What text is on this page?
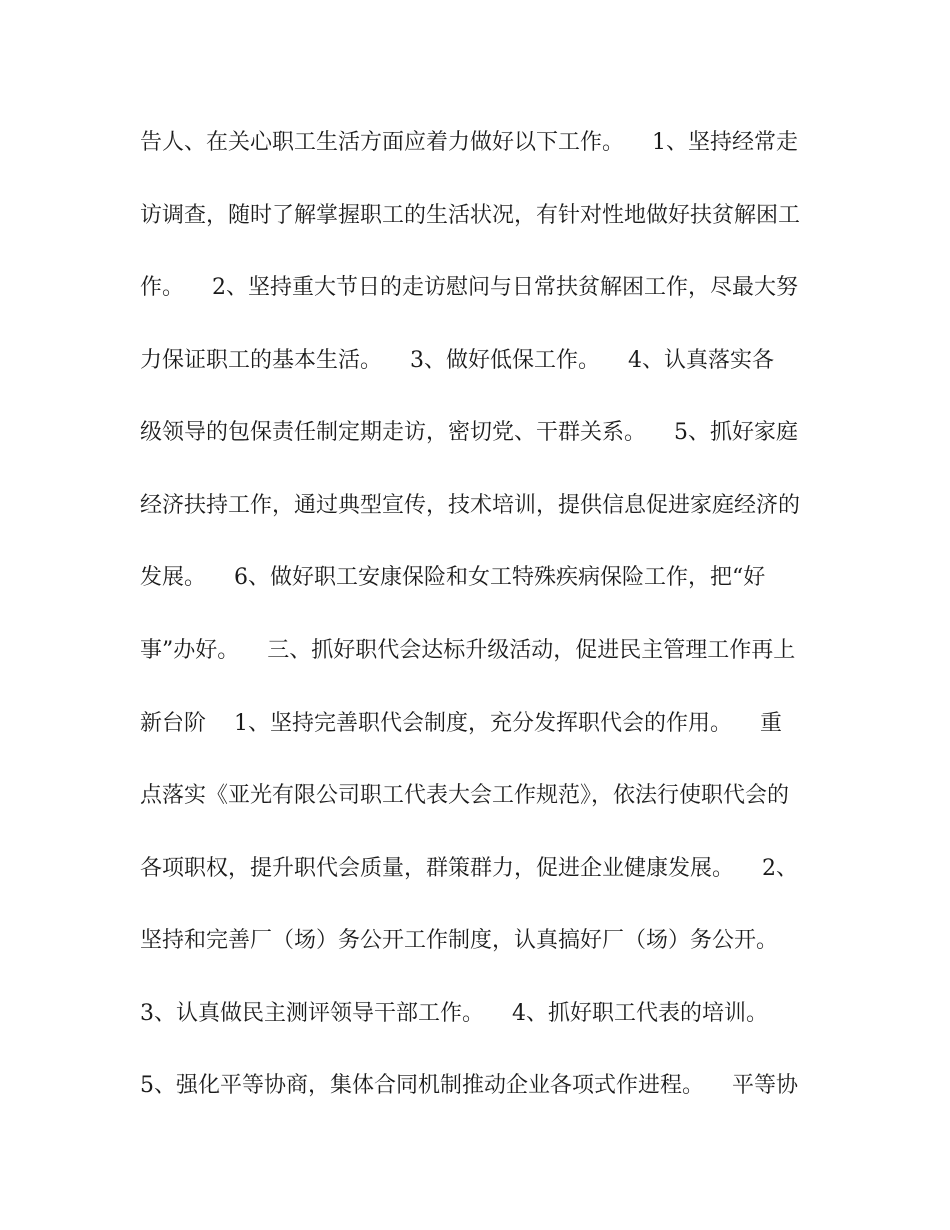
告人、在关心职工生活方面应着力做好以下工作。    1、坚持经常走
访调查，随时了解掌握职工的生活状况，有针对性地做好扶贫解困工
作。    2、坚持重大节日的走访慰问与日常扶贫解困工作，尽最大努
力保证职工的基本生活。    3、做好低保工作。    4、认真落实各
级领导的包保责任制定期走访，密切党、干群关系。    5、抓好家庭
经济扶持工作，通过典型宣传，技术培训，提供信息促进家庭经济的
发展。    6、做好职工安康保险和女工特殊疾病保险工作，把“好
事”办好。    三、抓好职代会达标升级活动，促进民主管理工作再上
新台阶    1、坚持完善职代会制度，充分发挥职代会的作用。    重
点落实《亚光有限公司职工代表大会工作规范》，依法行使职代会的
各项职权，提升职代会质量，群策群力，促进企业健康发展。    2、
坚持和完善厂（场）务公开工作制度，认真搞好厂（场）务公开。
3、认真做民主测评领导干部工作。    4、抓好职工代表的培训。
5、强化平等协商，集体合同机制推动企业各项式作进程。    平等协
